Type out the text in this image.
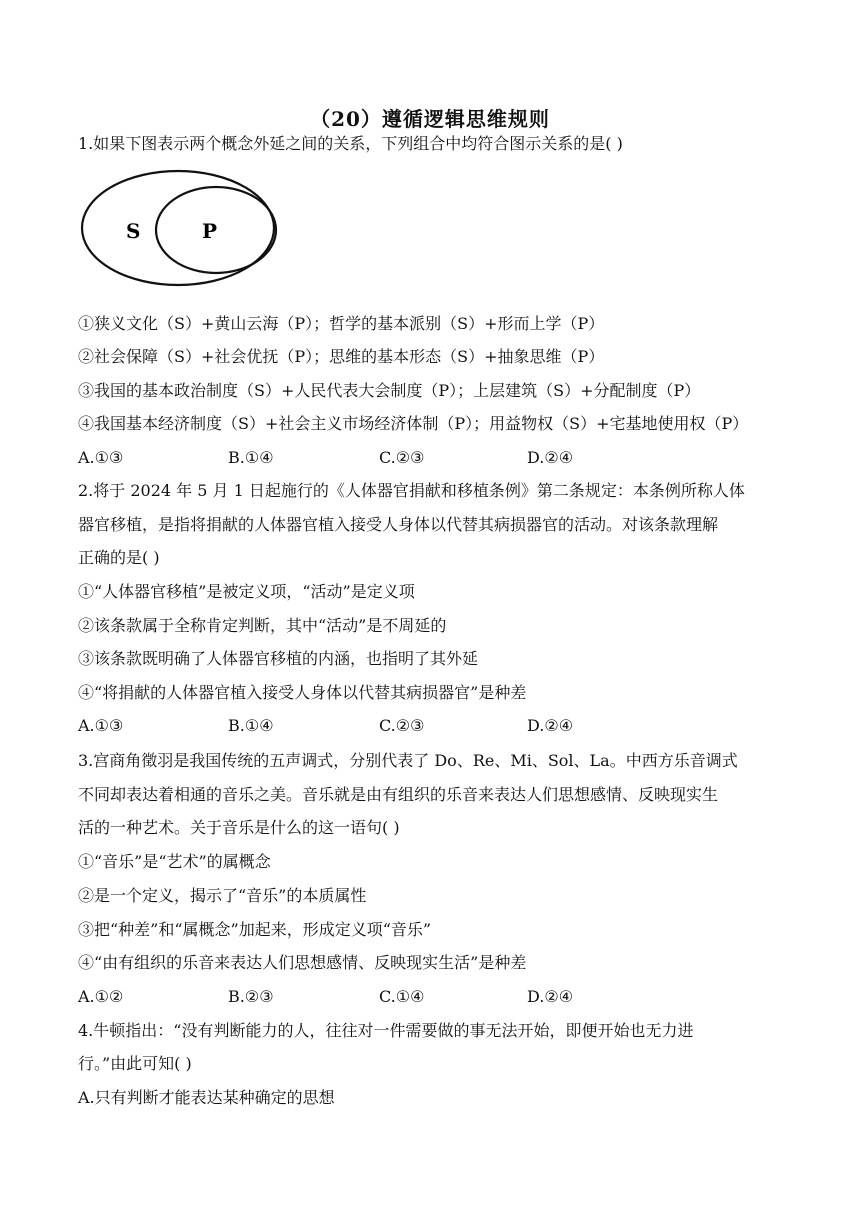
（20）遵循逻辑思维规则
1.如果下图表示两个概念外延之间的关系，下列组合中均符合图示关系的是( )
S	P
①狭义文化（S）+黄山云海（P）；哲学的基本派别（S）+形而上学（P）
②社会保障（S）+社会优抚（P）；思维的基本形态（S）+抽象思维（P）
③我国的基本政治制度（S）+人民代表大会制度（P）；上层建筑（S）+分配制度（P）
④我国基本经济制度（S）+社会主义市场经济体制（P）；用益物权（S）+宅基地使用权（P）
A.①③	B.①④	C.②③	D.②④
2.将于 2024 年 5 月 1 日起施行的《人体器官捐献和移植条例》第二条规定：本条例所称人体
器官移植，是指将捐献的人体器官植入接受人身体以代替其病损器官的活动。对该条款理解
正确的是( )
①“人体器官移植”是被定义项，“活动”是定义项
②该条款属于全称肯定判断，其中“活动”是不周延的
③该条款既明确了人体器官移植的内涵，也指明了其外延
④“将捐献的人体器官植入接受人身体以代替其病损器官”是种差
A.①③	B.①④	C.②③	D.②④
3.宫商角徵羽是我国传统的五声调式，分别代表了 Do、Re、Mi、Sol、La。中西方乐音调式
不同却表达着相通的音乐之美。音乐就是由有组织的乐音来表达人们思想感情、反映现实生
活的一种艺术。关于音乐是什么的这一语句( )
①“音乐”是“艺术”的属概念
②是一个定义，揭示了“音乐”的本质属性
③把“种差”和“属概念”加起来，形成定义项“音乐”
④“由有组织的乐音来表达人们思想感情、反映现实生活”是种差
A.①②	B.②③	C.①④	D.②④
4.牛顿指出：“没有判断能力的人，往往对一件需要做的事无法开始，即便开始也无力进
行。”由此可知( )
A.只有判断才能表达某种确定的思想
